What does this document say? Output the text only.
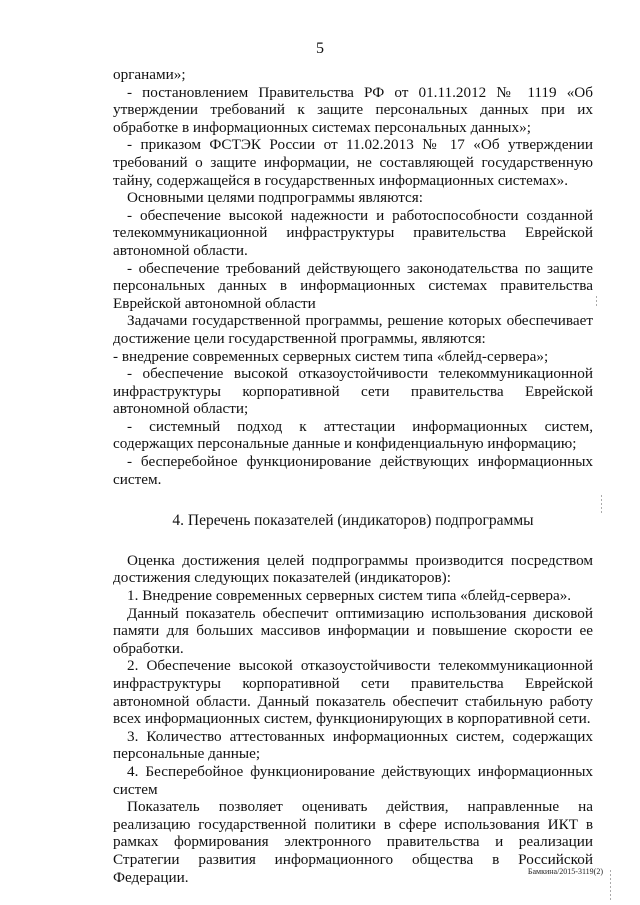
5

органами»;

- постановлением Правительства РФ от 01.11.2012 № 1119 «Об утверждении требований к защите персональных данных при их обработке в информационных системах персональных данных»;

- приказом ФСТЭК России от 11.02.2013 № 17 «Об утверждении требований о защите информации, не составляющей государственную тайну, содержащейся в государственных информационных системах».

Основными целями подпрограммы являются:

- обеспечение высокой надежности и работоспособности созданной телекоммуникационной инфраструктуры правительства Еврейской автономной области.

- обеспечение требований действующего законодательства по защите персональных данных в информационных системах правительства Еврейской автономной области

Задачами государственной программы, решение которых обеспечивает достижение цели государственной программы, являются:

- внедрение современных серверных систем типа «блейд-сервера»;

- обеспечение высокой отказоустойчивости телекоммуникационной инфраструктуры корпоративной сети правительства Еврейской автономной области;

- системный подход к аттестации информационных систем, содержащих персональные данные и конфиденциальную информацию;

- бесперебойное функционирование действующих информационных систем.

4. Перечень показателей (индикаторов) подпрограммы

Оценка достижения целей подпрограммы производится посредством достижения следующих показателей (индикаторов):

1. Внедрение современных серверных систем типа «блейд-сервера».

Данный показатель обеспечит оптимизацию использования дисковой памяти для больших массивов информации и повышение скорости ее обработки.

2. Обеспечение высокой отказоустойчивости телекоммуникационной инфраструктуры корпоративной сети правительства Еврейской автономной области. Данный показатель обеспечит стабильную работу всех информационных систем, функционирующих в корпоративной сети.

3. Количество аттестованных информационных систем, содержащих персональные данные;

4. Бесперебойное функционирование действующих информационных систем

Показатель позволяет оценивать действия, направленные на реализацию государственной политики в сфере использования ИКТ в рамках формирования электронного правительства и реализации Стратегии развития информационного общества в Российской Федерации.	Бамкина/2015-3119(2)
